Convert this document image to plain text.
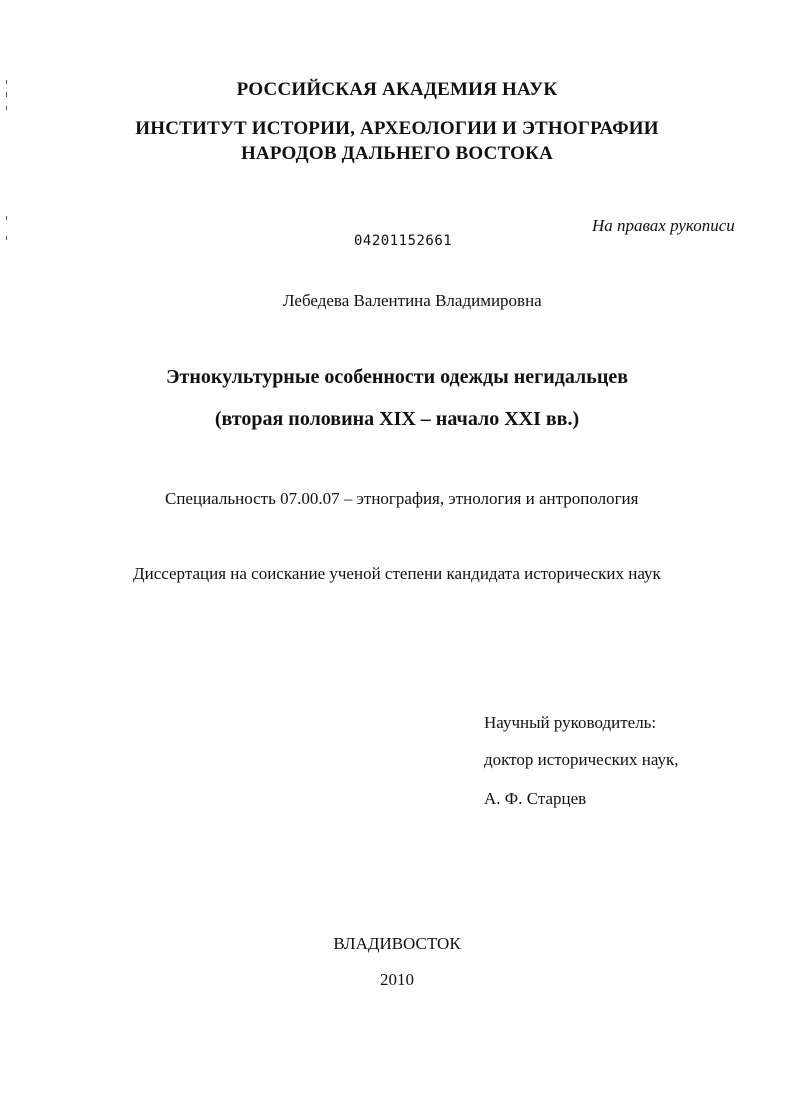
РОССИЙСКАЯ АКАДЕМИЯ НАУК
ИНСТИТУТ ИСТОРИИ, АРХЕОЛОГИИ И ЭТНОГРАФИИ
НАРОДОВ ДАЛЬНЕГО ВОСТОКА
На правах рукописи
04201152661
Лебедева Валентина Владимировна
Этнокультурные особенности одежды негидальцев
(вторая половина XIX – начало XXI вв.)
Специальность 07.00.07 – этнография, этнология и антропология
Диссертация на соискание ученой степени кандидата исторических наук
Научный руководитель:
доктор исторических наук,
А. Ф. Старцев
ВЛАДИВОСТОК
2010
